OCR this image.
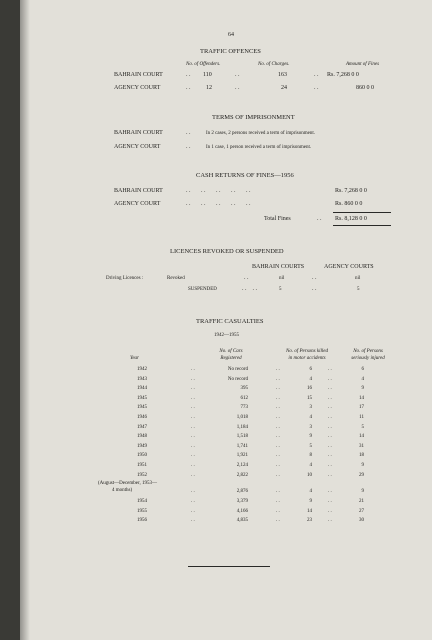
64
TRAFFIC OFFENCES
No. of Offenders.	No. of Charges.	Amount of Fines
BAHRAIN COURT	. . 110	. .	163	. . Rs. 7,268 0 0
AGENCY COURT	. .	12	. .	24	. .	860 0 0
TERMS OF IMPRISONMENT
BAHRAIN COURT	. .	In 2 cases, 2 persons received a term of imprisonment.
AGENCY COURT	. .	In 1 case, 1 person received a term of imprisonment.
CASH RETURNS OF FINES—1956
BAHRAIN COURT	. .       . .       . .       . .       . .	Rs. 7,268 0 0
AGENCY COURT	. .       . .       . .       . .       . .	Rs. 860 0 0
Total Fines	. . Rs. 8,128 0 0
LICENCES REVOKED OR SUSPENDED
BAHRAIN COURTS	AGENCY COURTS
Driving Licences :	Revoked	. .	nil	. .	nil
SUSPENDED	. .    . .	5	. .	5
TRAFFIC CASUALTIES
1942—1955
No. of Cars
Registered
No. of Persons killed
in motor accidents
No. of Persons
seriously injured
Year
1942	. .	No record	. .	6	. .	6
1943	. .	No record	. .	4	. .	4
1944	. .	395	. .	16	. .	9
1945	. .	612	. .	15	. .	14
1945	. .	773	. .	3	. .	17
1946	. .	1,018	. .	4	. .	11
1947	. .	1,184	. .	3	. .	5
1948	. .	1,518	. .	9	. .	14
1949	. .	1,741	. .	5	. .	31
1950	. .	1,921	. .	8	. .	18
1951	. .	2,124	. .	4	. .	9
1952	. .	2,822	. .	10	. .	29
(August—December, 1953—
4 months)	. .	2,876	. .	4	. .	9
1954	. .	3,379	. .	9	. .	21
1955	. .	4,166	. .	14	. .	27
1956	. .	4,835	. .	23	. .	30
